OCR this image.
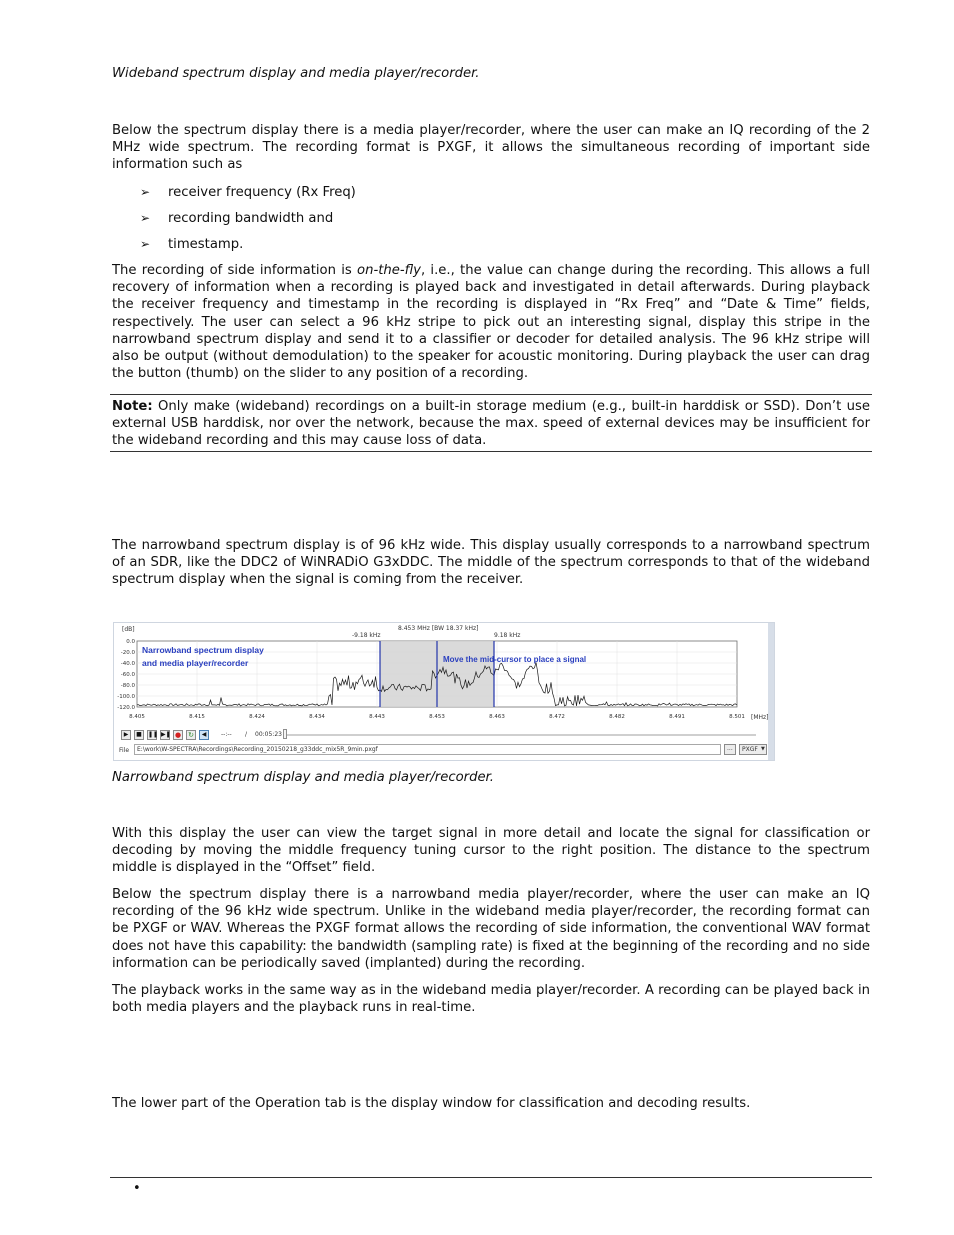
Wideband spectrum display and media player/recorder.

Below the spectrum display there is a media player/recorder, where the user can make an IQ recording of the 2 MHz wide spectrum. The recording format is PXGF, it allows the simultaneous recording of important side information such as

➢ receiver frequency (Rx Freq)
➢ recording bandwidth and
➢ timestamp.

The recording of side information is on-the-fly, i.e., the value can change during the recording. This allows a full recovery of information when a recording is played back and investigated in detail afterwards. During playback the receiver frequency and timestamp in the recording is displayed in “Rx Freq” and “Date & Time” fields, respectively. The user can select a 96 kHz stripe to pick out an interesting signal, display this stripe in the narrowband spectrum display and send it to a classifier or decoder for detailed analysis. The 96 kHz stripe will also be output (without demodulation) to the speaker for acoustic monitoring. During playback the user can drag the button (thumb) on the slider to any position of a recording.

Note: Only make (wideband) recordings on a built-in storage medium (e.g., built-in harddisk or SSD). Don’t use external USB harddisk, nor over the network, because the max. speed of external devices may be insufficient for the wideband recording and this may cause loss of data.

The narrowband spectrum display is of 96 kHz wide. This display usually corresponds to a narrowband spectrum of an SDR, like the DDC2 of WiNRADiO G3xDDC. The middle of the spectrum corresponds to that of the wideband spectrum display when the signal is coming from the receiver.

[dB]	8.453 MHz [BW 18.37 kHz]
-9.18 kHz	9.18 kHz
[MHz]
0.0
-20.0
-40.0
-60.0
-80.0
-100.0
-120.0
8.405	8.415	8.424	8.434	8.443	8.453	8.463	8.472	8.482	8.491	8.501
Narrowband spectrum display
and media player/recorder	Move the mid-cursor to place a signal
▶ ■ ❚❚ ▶❚ ● ↻ ◀ --:-- / 00:05:23
File E:\work\W-SPECTRA\Recordings\Recording_20150218_g33ddc_mix5R_9min.pxgf	... PXGF ▼

Narrowband spectrum display and media player/recorder.

With this display the user can view the target signal in more detail and locate the signal for classification or decoding by moving the middle frequency tuning cursor to the right position. The distance to the spectrum middle is displayed in the “Offset” field.

Below the spectrum display there is a narrowband media player/recorder, where the user can make an IQ recording of the 96 kHz wide spectrum. Unlike in the wideband media player/recorder, the recording format can be PXGF or WAV. Whereas the PXGF format allows the recording of side information, the conventional WAV format does not have this capability: the bandwidth (sampling rate) is fixed at the beginning of the recording and no side information can be periodically saved (implanted) during the recording.

The playback works in the same way as in the wideband media player/recorder. A recording can be played back in both media players and the playback runs in real-time.

The lower part of the Operation tab is the display window for classification and decoding results.

•
